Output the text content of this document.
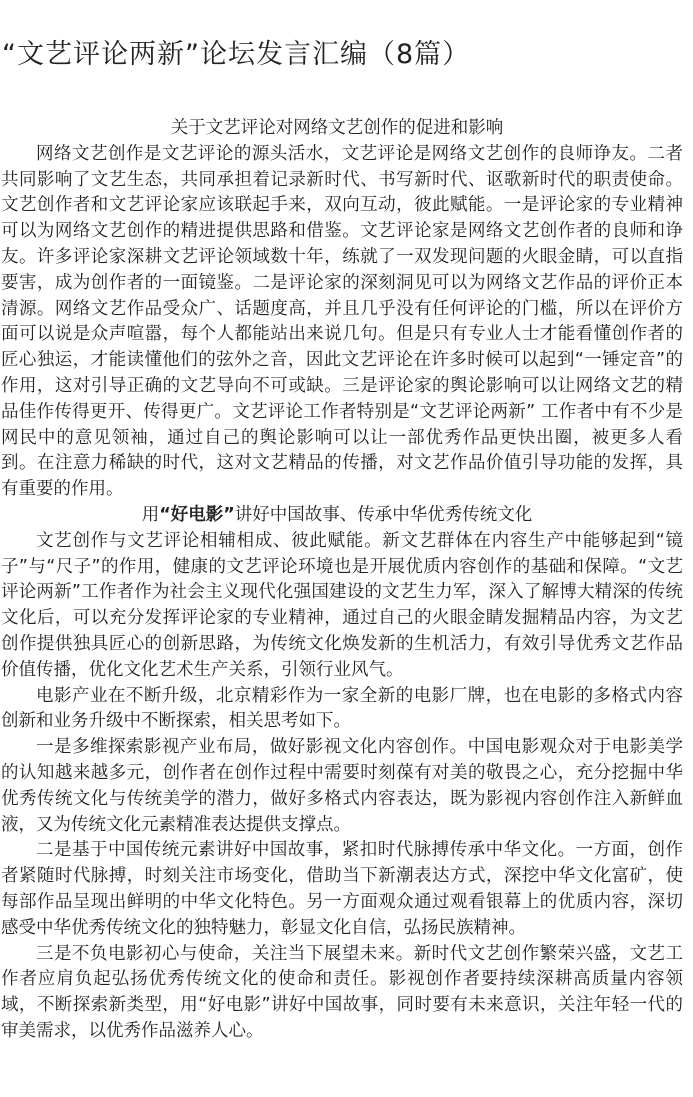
“文艺评论两新”论坛发言汇编（8篇）

关于文艺评论对网络文艺创作的促进和影响

网络文艺创作是文艺评论的源头活水，文艺评论是网络文艺创作的良师诤友。二者共同影响了文艺生态，共同承担着记录新时代、书写新时代、讴歌新时代的职责使命。文艺创作者和文艺评论家应该联起手来，双向互动，彼此赋能。一是评论家的专业精神可以为网络文艺创作的精进提供思路和借鉴。文艺评论家是网络文艺创作者的良师和诤友。许多评论家深耕文艺评论领域数十年，练就了一双发现问题的火眼金睛，可以直指要害，成为创作者的一面镜鉴。二是评论家的深刻洞见可以为网络文艺作品的评价正本清源。网络文艺作品受众广、话题度高，并且几乎没有任何评论的门槛，所以在评价方面可以说是众声喧嚣，每个人都能站出来说几句。但是只有专业人士才能看懂创作者的匠心独运，才能读懂他们的弦外之音，因此文艺评论在许多时候可以起到“一锤定音”的作用，这对引导正确的文艺导向不可或缺。三是评论家的舆论影响可以让网络文艺的精品佳作传得更开、传得更广。文艺评论工作者特别是“文艺评论两新” 工作者中有不少是网民中的意见领袖，通过自己的舆论影响可以让一部优秀作品更快出圈，被更多人看到。在注意力稀缺的时代，这对文艺精品的传播，对文艺作品价值引导功能的发挥，具有重要的作用。

用“好电影”讲好中国故事、传承中华优秀传统文化

文艺创作与文艺评论相辅相成、彼此赋能。新文艺群体在内容生产中能够起到“镜子”与“尺子”的作用，健康的文艺评论环境也是开展优质内容创作的基础和保障。“文艺评论两新”工作者作为社会主义现代化强国建设的文艺生力军，深入了解博大精深的传统文化后，可以充分发挥评论家的专业精神，通过自己的火眼金睛发掘精品内容，为文艺创作提供独具匠心的创新思路，为传统文化焕发新的生机活力，有效引导优秀文艺作品价值传播，优化文化艺术生产关系，引领行业风气。

电影产业在不断升级，北京精彩作为一家全新的电影厂牌，也在电影的多格式内容创新和业务升级中不断探索，相关思考如下。

一是多维探索影视产业布局，做好影视文化内容创作。中国电影观众对于电影美学的认知越来越多元，创作者在创作过程中需要时刻葆有对美的敬畏之心，充分挖掘中华优秀传统文化与传统美学的潜力，做好多格式内容表达，既为影视内容创作注入新鲜血液，又为传统文化元素精准表达提供支撑点。

二是基于中国传统元素讲好中国故事，紧扣时代脉搏传承中华文化。一方面，创作者紧随时代脉搏，时刻关注市场变化，借助当下新潮表达方式，深挖中华文化富矿，使每部作品呈现出鲜明的中华文化特色。另一方面观众通过观看银幕上的优质内容，深切感受中华优秀传统文化的独特魅力，彰显文化自信，弘扬民族精神。

三是不负电影初心与使命，关注当下展望未来。新时代文艺创作繁荣兴盛，文艺工作者应肩负起弘扬优秀传统文化的使命和责任。影视创作者要持续深耕高质量内容领域，不断探索新类型，用“好电影”讲好中国故事，同时要有未来意识，关注年轻一代的审美需求，以优秀作品滋养人心。
